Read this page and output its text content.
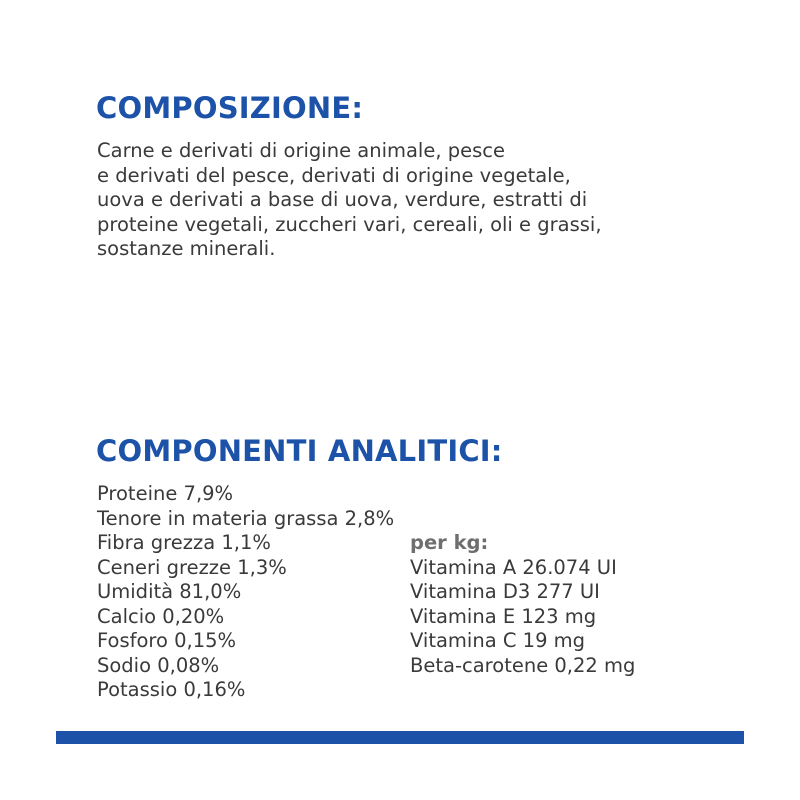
COMPOSIZIONE:
Carne e derivati di origine animale, pesce
e derivati del pesce, derivati di origine vegetale,
uova e derivati a base di uova, verdure, estratti di
proteine vegetali, zuccheri vari, cereali, oli e grassi,
sostanze minerali.
COMPONENTI ANALITICI:
Proteine 7,9%
Tenore in materia grassa 2,8%
Fibra grezza 1,1%
Ceneri grezze 1,3%
Umidità 81,0%
Calcio 0,20%
Fosforo 0,15%
Sodio 0,08%
Potassio 0,16%
per kg:
Vitamina A 26.074 UI
Vitamina D3 277 UI
Vitamina E 123 mg
Vitamina C 19 mg
Beta-carotene 0,22 mg
